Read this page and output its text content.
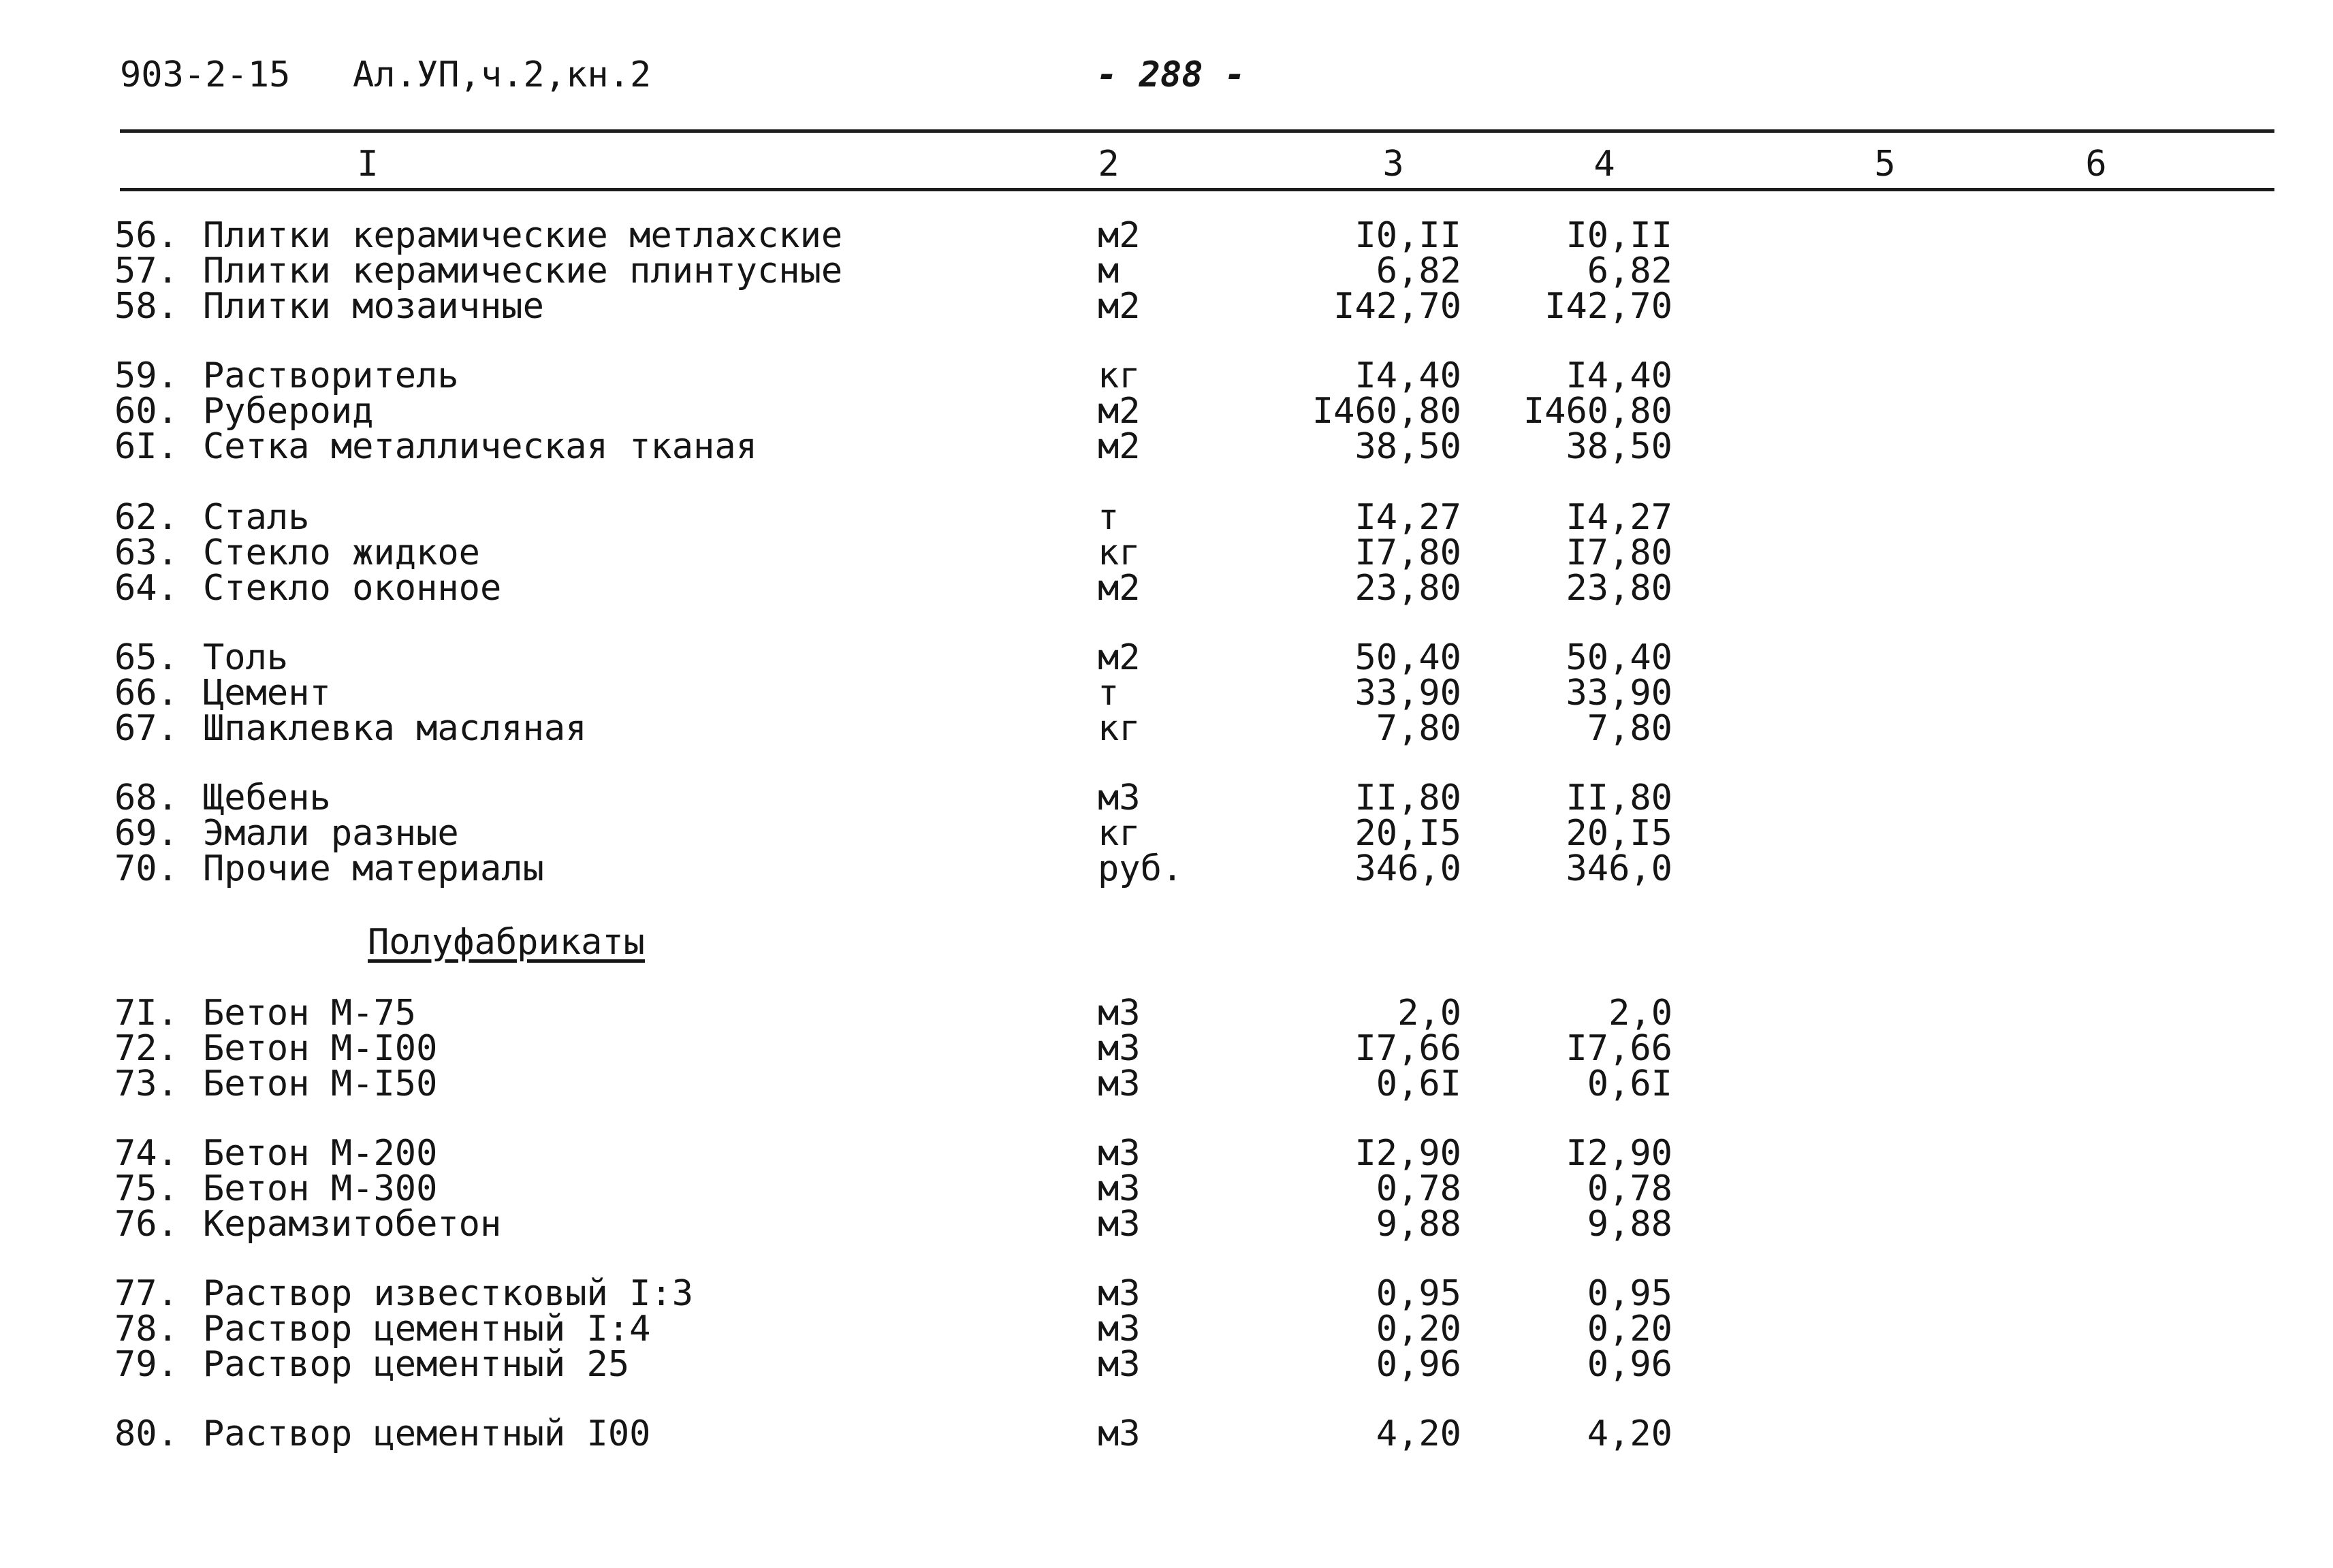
903-2-15 Ал.УП,ч.2,кн.2	- 288 -
I	2	3	4	5	6
Полуфабрикаты
56. Плитки керамические метлахские	м2	I0,II	I0,II
57. Плитки керамические плинтусные	м	6,82	6,82
58. Плитки мозаичные	м2	I42,70 I42,70
59. Растворитель	кг	I4,40	I4,40
60. Рубероид	м2	I460,80 I460,80
6I. Сетка металлическая тканая	м2	38,50	38,50
62. Сталь	т	I4,27	I4,27
63. Стекло жидкое	кг	I7,80	I7,80
64. Стекло оконное	м2	23,80	23,80
65. Толь	м2	50,40	50,40
66. Цемент	т	33,90	33,90
67. Шпаклевка масляная	кг	7,80	7,80
68. Щебень	м3	II,80	II,80
69. Эмали разные	кг	20,I5	20,I5
70. Прочие материалы	руб.	346,0	346,0
7I. Бетон М-75	м3	2,0	2,0
72. Бетон М-I00	м3	I7,66	I7,66
73. Бетон М-I50	м3	0,6I	0,6I
74. Бетон М-200	м3	I2,90	I2,90
75. Бетон М-300	м3	0,78	0,78
76. Керамзитобетон	м3	9,88	9,88
77. Раствор известковый I:3	м3	0,95	0,95
78. Раствор цементный I:4	м3	0,20	0,20
79. Раствор цементный 25	м3	0,96	0,96
80. Раствор цементный I00	м3	4,20	4,20
